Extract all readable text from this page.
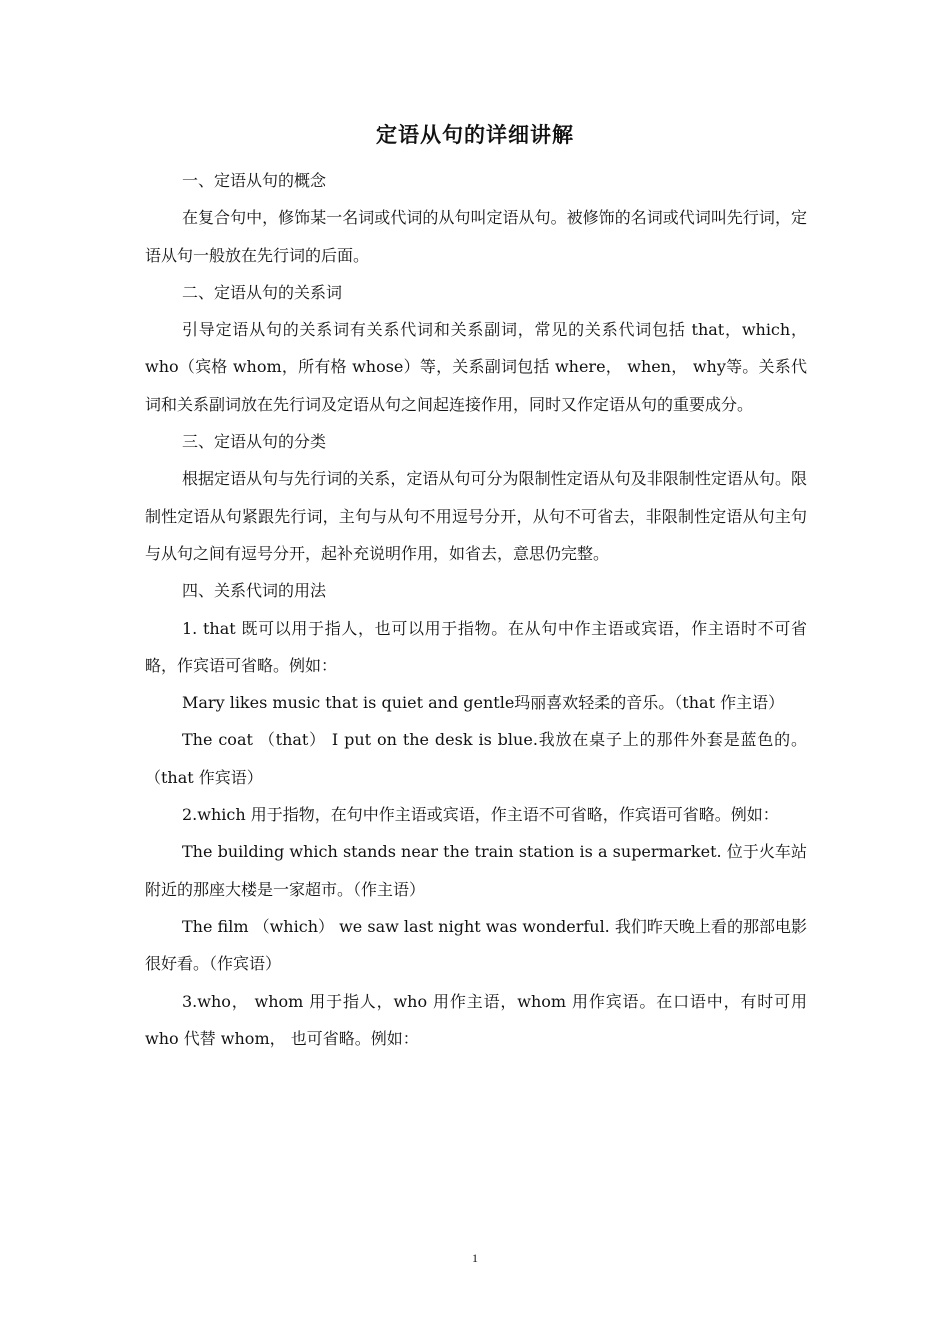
定语从句的详细讲解

一、定语从句的概念

在复合句中，修饰某一名词或代词的从句叫定语从句。被修饰的名词或代词叫先行词，定语从句一般放在先行词的后面。

二、定语从句的关系词

引导定语从句的关系词有关系代词和关系副词，常见的关系代词包括 that，which， who（宾格 whom，所有格 whose）等，关系副词包括 where， when， why等。关系代词和关系副词放在先行词及定语从句之间起连接作用，同时又作定语从句的重要成分。

三、定语从句的分类

根据定语从句与先行词的关系，定语从句可分为限制性定语从句及非限制性定语从句。限制性定语从句紧跟先行词，主句与从句不用逗号分开，从句不可省去，非限制性定语从句主句与从句之间有逗号分开，起补充说明作用，如省去，意思仍完整。

四、关系代词的用法

1. that 既可以用于指人，也可以用于指物。在从句中作主语或宾语，作主语时不可省略，作宾语可省略。例如：

Mary likes music that is quiet and gentle玛丽喜欢轻柔的音乐。（that 作主语）

The coat （that） I put on the desk is blue.我放在桌子上的那件外套是蓝色的。（that 作宾语）

2.which 用于指物，在句中作主语或宾语，作主语不可省略，作宾语可省略。例如：

The building which stands near the train station is a supermarket. 位于火车站附近的那座大楼是一家超市。（作主语）

The film （which） we saw last night was wonderful. 我们昨天晚上看的那部电影很好看。（作宾语）

3.who， whom 用于指人，who 用作主语，whom 用作宾语。在口语中，有时可用 who 代替 whom， 也可省略。例如：

1
